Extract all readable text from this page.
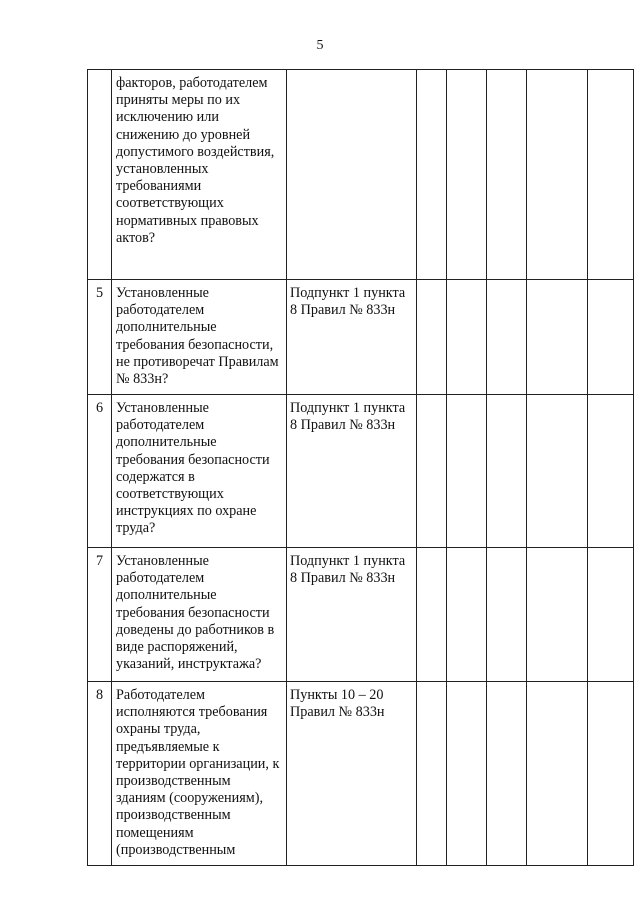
5
	факторов, работодателем приняты меры по их исключению или снижению до уровней допустимого воздействия, установленных требованиями соответствующих нормативных правовых актов?						
5	Установленные работодателем дополнительные требования безопасности, не противоречат Правилам № 833н?	Подпункт 1 пункта 8 Правил № 833н					
6	Установленные работодателем дополнительные требования безопасности содержатся в соответствующих инструкциях по охране труда?	Подпункт 1 пункта 8 Правил № 833н					
7	Установленные работодателем дополнительные требования безопасности доведены до работников в виде распоряжений, указаний, инструктажа?	Подпункт 1 пункта 8 Правил № 833н					
8	Работодателем исполняются требования охраны труда, предъявляемые к территории организации, к производственным зданиям (сооружениям), производственным помещениям (производственным	Пункты 10 – 20 Правил № 833н					
